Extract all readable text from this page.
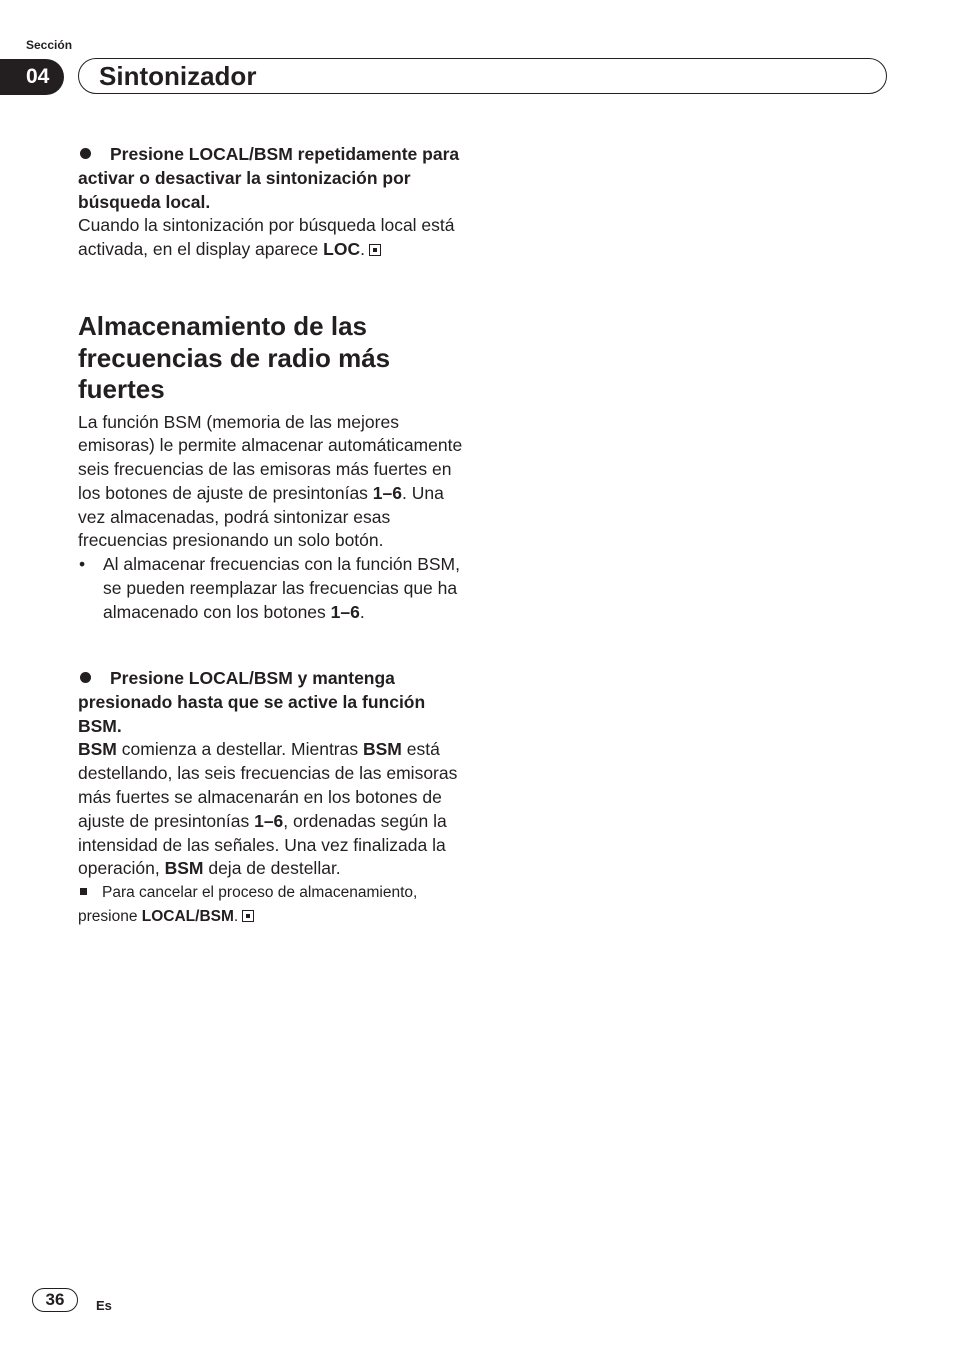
Sección
04	Sintonizador

Presione LOCAL/BSM repetidamente para activar o desactivar la sintonización por búsqueda local.

Cuando la sintonización por búsqueda local está activada, en el display aparece LOC.

Almacenamiento de las frecuencias de radio más fuertes

La función BSM (memoria de las mejores emisoras) le permite almacenar automáticamente seis frecuencias de las emisoras más fuertes en los botones de ajuste de presintonías 1–6. Una vez almacenadas, podrá sintonizar esas frecuencias presionando un solo botón.

• Al almacenar frecuencias con la función BSM, se pueden reemplazar las frecuencias que ha almacenado con los botones 1–6.

Presione LOCAL/BSM y mantenga presionado hasta que se active la función BSM.

BSM comienza a destellar. Mientras BSM está destellando, las seis frecuencias de las emisoras más fuertes se almacenarán en los botones de ajuste de presintonías 1–6, ordenadas según la intensidad de las señales. Una vez finalizada la operación, BSM deja de destellar.

Para cancelar el proceso de almacenamiento, presione LOCAL/BSM.

36	Es
